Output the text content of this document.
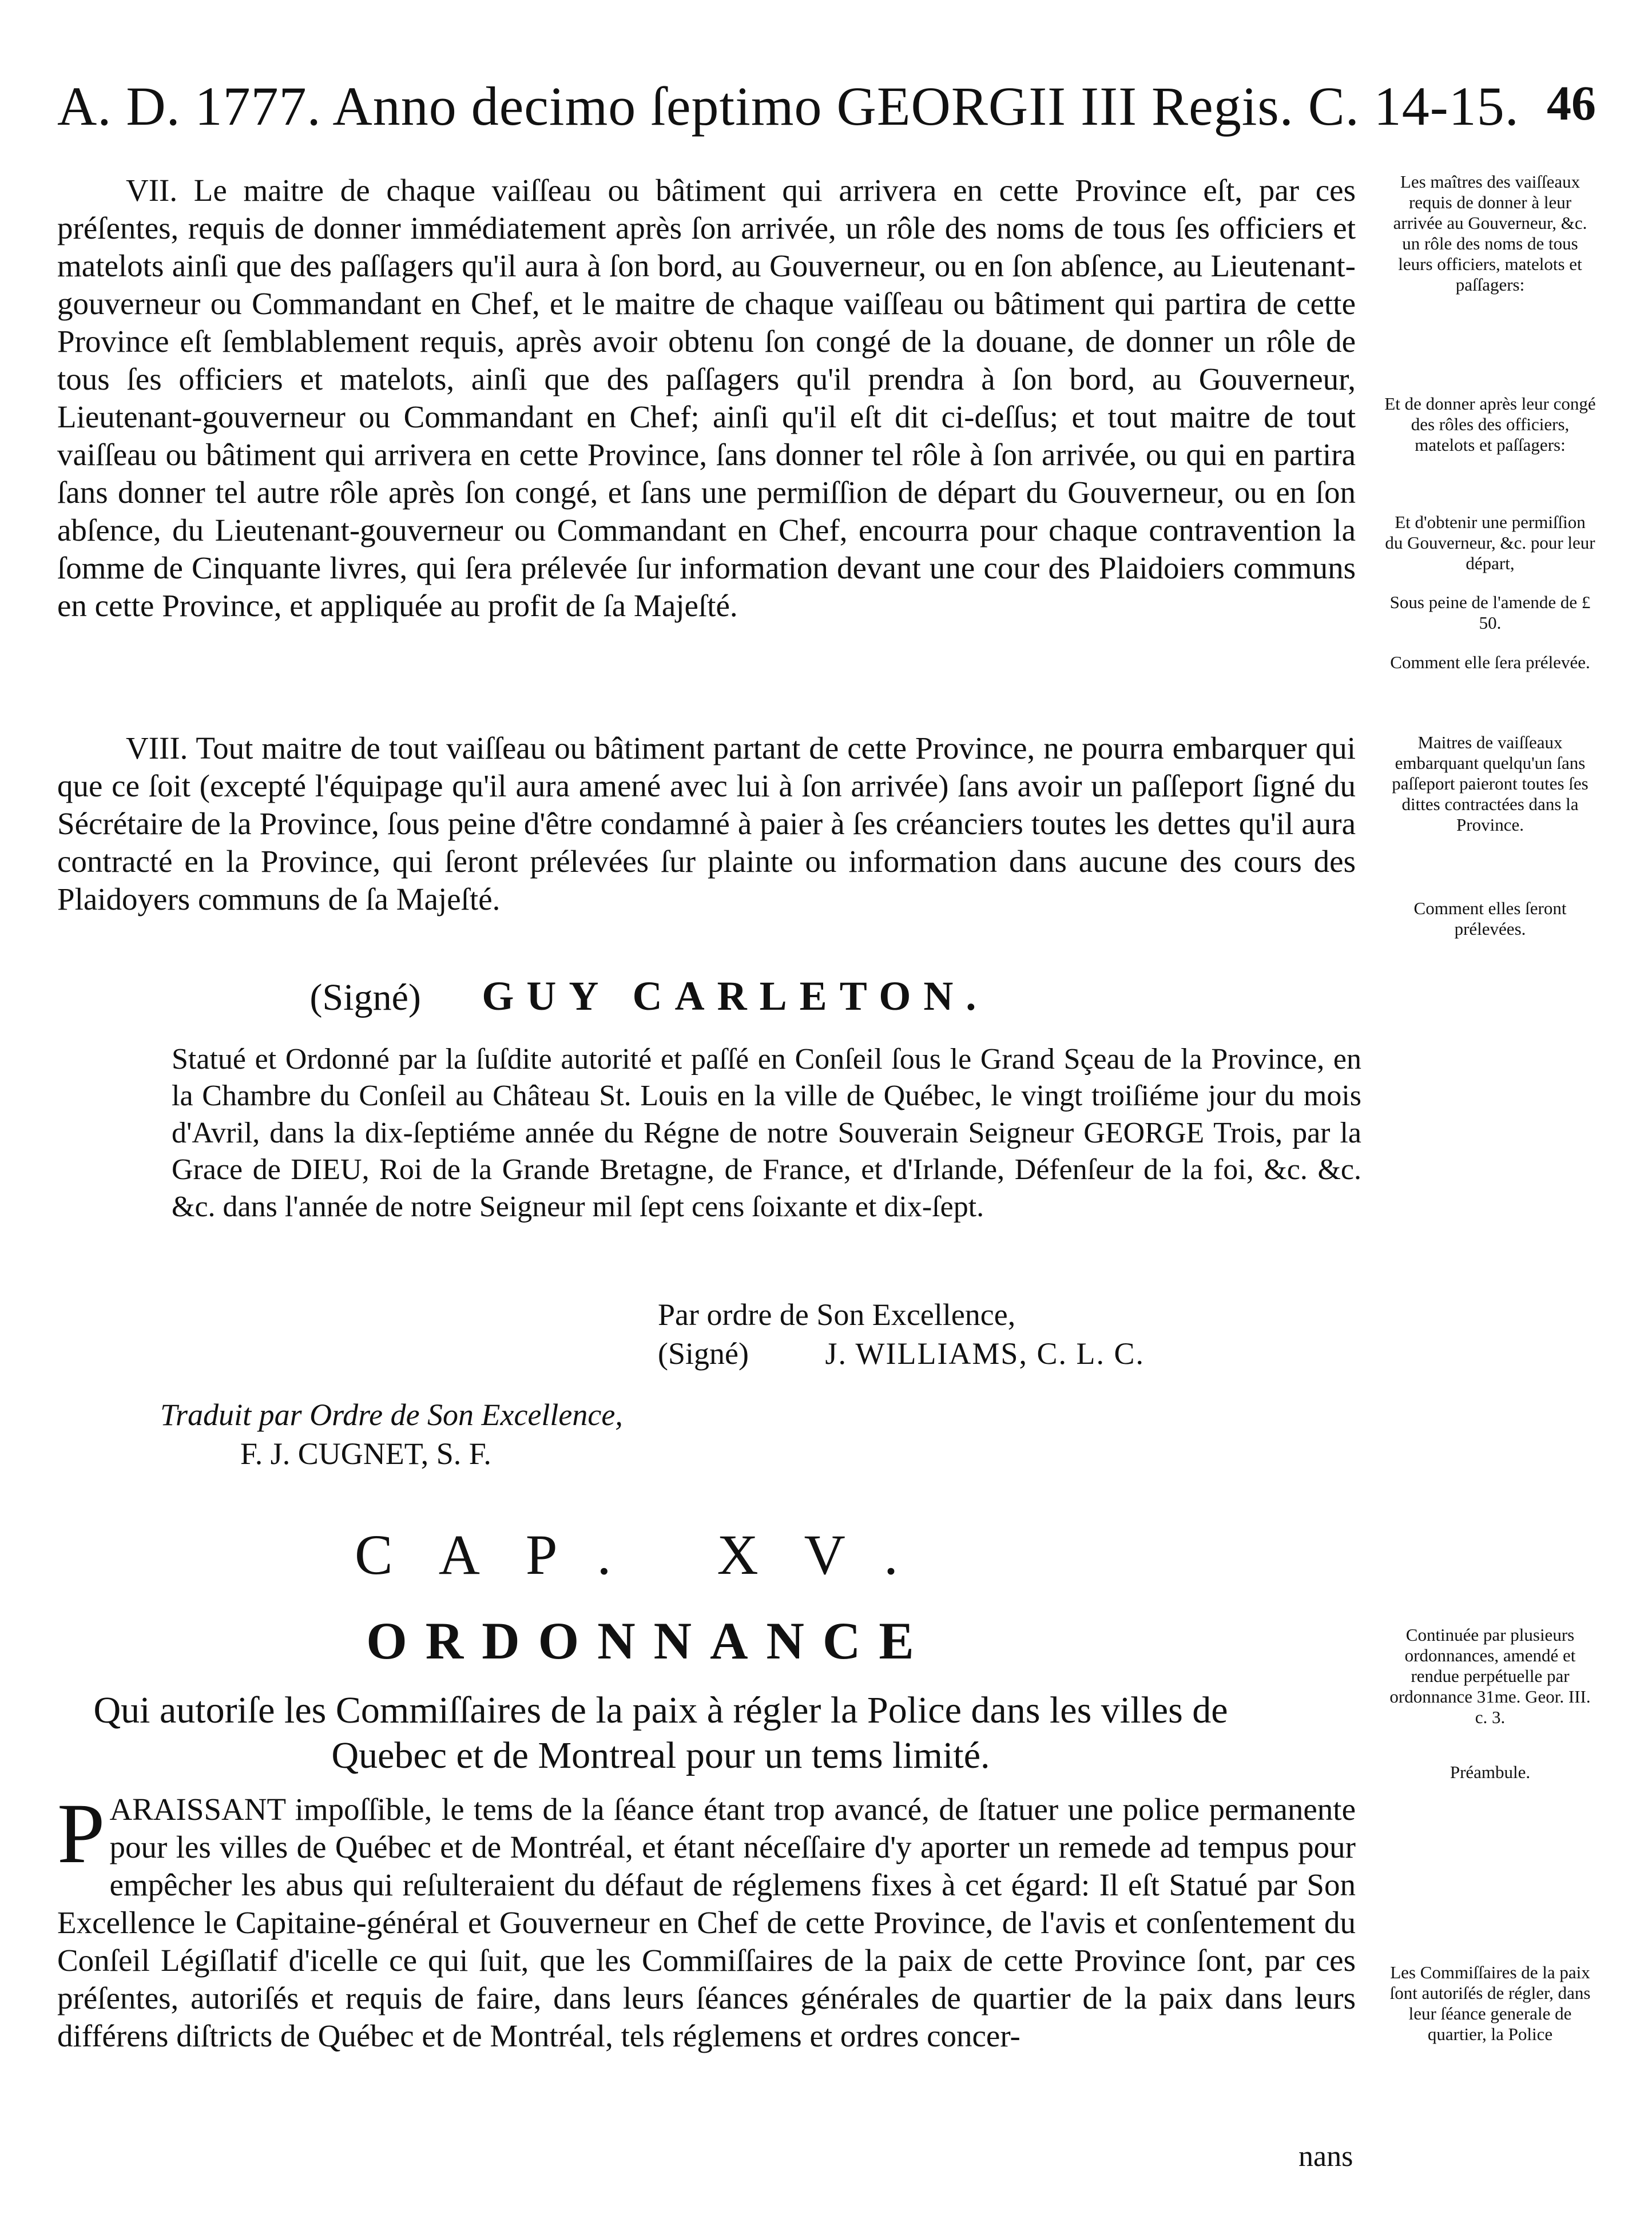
A. D. 1777. Anno decimo ſeptimo GEORGII III Regis. C. 14-15. 46

VII. Le maitre de chaque vaiſſeau ou bâtiment qui arrivera en cette Province eſt, par ces préſentes, requis de donner immédiatement après ſon arrivée, un rôle des noms de tous ſes officiers et matelots ainſi que des paſſagers qu'il aura à ſon bord, au Gouverneur, ou en ſon abſence, au Lieutenant-gouverneur ou Commandant en Chef, et le maitre de chaque vaiſſeau ou bâtiment qui partira de cette Province eſt ſemblablement requis, après avoir obtenu ſon congé de la douane, de donner un rôle de tous ſes officiers et matelots, ainſi que des paſſagers qu'il prendra à ſon bord, au Gouverneur, Lieutenant-gouverneur ou Commandant en Chef; ainſi qu'il eſt dit ci-deſſus; et tout maitre de tout vaiſſeau ou bâtiment qui arrivera en cette Province, ſans donner tel rôle à ſon arrivée, ou qui en partira ſans donner tel autre rôle après ſon congé, et ſans une permiſſion de départ du Gouverneur, ou en ſon abſence, du Lieutenant-gouverneur ou Commandant en Chef, encourra pour chaque contravention la ſomme de Cinquante livres, qui ſera prélevée ſur information devant une cour des Plaidoiers communs en cette Province, et appliquée au profit de ſa Majeſté.

VIII. Tout maitre de tout vaiſſeau ou bâtiment partant de cette Province, ne pourra embarquer qui que ce ſoit (excepté l'équipage qu'il aura amené avec lui à ſon arrivée) ſans avoir un paſſeport ſigné du Sécrétaire de la Province, ſous peine d'être condamné à paier à ſes créanciers toutes les dettes qu'il aura contracté en la Province, qui ſeront prélevées ſur plainte ou information dans aucune des cours des Plaidoyers communs de ſa Majeſté.

Les maîtres des vaiſſeaux requis de donner à leur arrivée au Gouverneur, &c. un rôle des noms de tous leurs officiers, matelots et paſſagers:

Et de donner après leur congé des rôles des officiers, matelots et paſſagers:

Et d'obtenir une permiſſion du Gouverneur, &c. pour leur départ,

Sous peine de l'amende de £ 50.

Comment elle ſera prélevée.

Maitres de vaiſſeaux embarquant quelqu'un ſans paſſeport paieront toutes ſes dittes contractées dans la Province.

Comment elles ſeront prélevées.

Continuée par plusieurs ordonnances, amendé et rendue perpétuelle par ordonnance 31me. Geor. III. c. 3.

Préambule.

Les Commiſſaires de la paix ſont autoriſés de régler, dans leur ſéance generale de quartier, la Police

(Signé) GUY CARLETON.

Statué et Ordonné par la ſuſdite autorité et paſſé en Conſeil ſous le Grand Sçeau de la Province, en la Chambre du Conſeil au Château St. Louis en la ville de Québec, le vingt troiſiéme jour du mois d'Avril, dans la dix-ſeptiéme année du Régne de notre Souverain Seigneur GEORGE Trois, par la Grace de DIEU, Roi de la Grande Bretagne, de France, et d'Irlande, Défenſeur de la foi, &c. &c. &c. dans l'année de notre Seigneur mil ſept cens ſoixante et dix-ſept.

Par ordre de Son Excellence,
(Signé) J. WILLIAMS, C. L. C.
Traduit par Ordre de Son Excellence,
F. J. CUGNET, S. F.
CAP. XV.
ORDONNANCE
Qui autoriſe les Commiſſaires de la paix à régler la Police dans les villes de
Quebec et de Montreal pour un tems limité.

PARAISSANT impoſſible, le tems de la ſéance étant trop avancé, de ſtatuer une police permanente pour les villes de Québec et de Montréal, et étant néceſſaire d'y aporter un remede ad tempus pour empêcher les abus qui reſulteraient du défaut de réglemens fixes à cet égard: Il eſt Statué par Son Excellence le Capitaine-général et Gouverneur en Chef de cette Province, de l'avis et conſentement du Conſeil Légiſlatif d'icelle ce qui ſuit, que les Commiſſaires de la paix de cette Province ſont, par ces préſentes, autoriſés et requis de faire, dans leurs ſéances générales de quartier de la paix dans leurs différens diſtricts de Québec et de Montréal, tels réglemens et ordres concer-

nans
